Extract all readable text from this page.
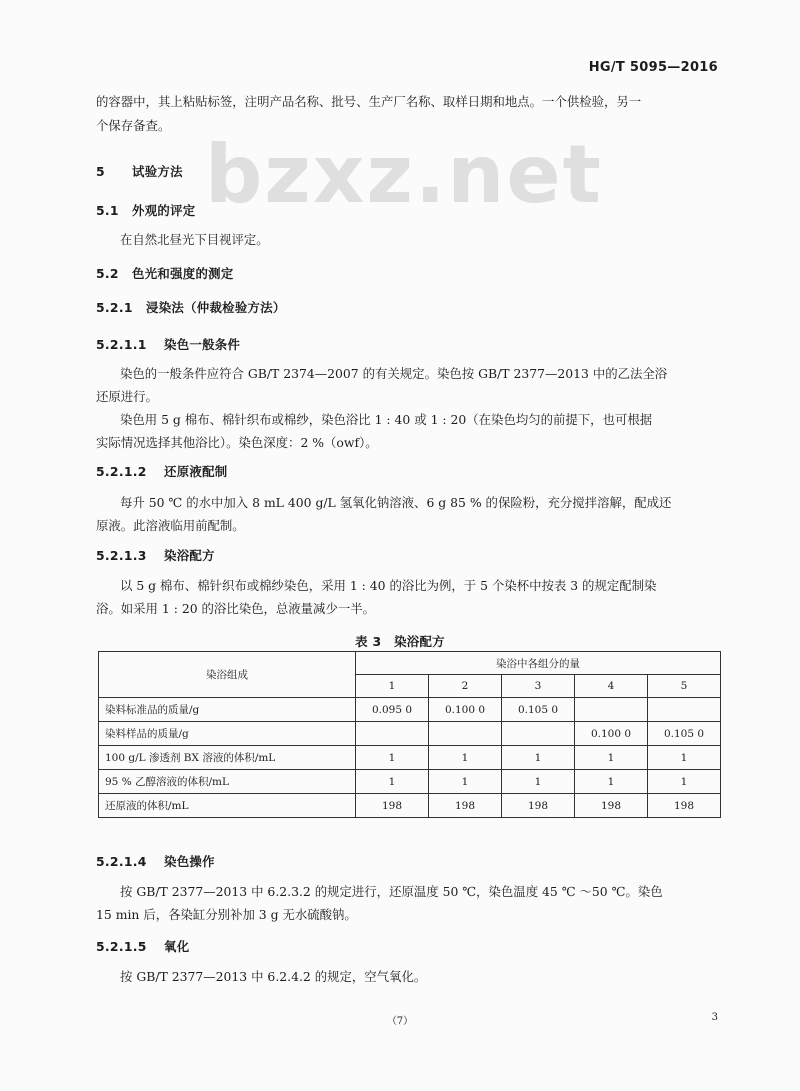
HG/T 5095—2016
bzxz.net
的容器中，其上粘贴标签，注明产品名称、批号、生产厂名称、取样日期和地点。一个供检验，另一
个保存备查。
5 试验方法
5.1 外观的评定
在自然北昼光下目视评定。
5.2 色光和强度的测定
5.2.1 浸染法（仲裁检验方法）
5.2.1.1 染色一般条件
染色的一般条件应符合 GB/T 2374—2007 的有关规定。染色按 GB/T 2377—2013 中的乙法全浴
还原进行。
染色用 5 g 棉布、棉针织布或棉纱，染色浴比 1 : 40 或 1 : 20（在染色均匀的前提下，也可根据
实际情况选择其他浴比）。染色深度：2 %（owf）。
5.2.1.2 还原液配制
每升 50 ℃ 的水中加入 8 mL 400 g/L 氢氧化钠溶液、6 g 85 % 的保险粉，充分搅拌溶解，配成还
原液。此溶液临用前配制。
5.2.1.3 染浴配方
以 5 g 棉布、棉针织布或棉纱染色，采用 1 : 40 的浴比为例，于 5 个染杯中按表 3 的规定配制染
浴。如采用 1 : 20 的浴比染色，总液量减少一半。
表 3　染浴配方
染浴组成	染浴中各组分的量				
	1	2	3	4	5
染料标准品的质量/g	0.095 0	0.100 0	0.105 0		
染料样品的质量/g				0.100 0	0.105 0
100 g/L 渗透剂 BX 溶液的体积/mL	1	1	1	1	1
95 % 乙醇溶液的体积/mL	1	1	1	1	1
还原液的体积/mL	198	198	198	198	198
5.2.1.4 染色操作
按 GB/T 2377—2013 中 6.2.3.2 的规定进行，还原温度 50 ℃，染色温度 45 ℃ ～50 ℃。染色
15 min 后，各染缸分别补加 3 g 无水硫酸钠。
5.2.1.5 氧化
按 GB/T 2377—2013 中 6.2.4.2 的规定，空气氧化。
（7）	3
